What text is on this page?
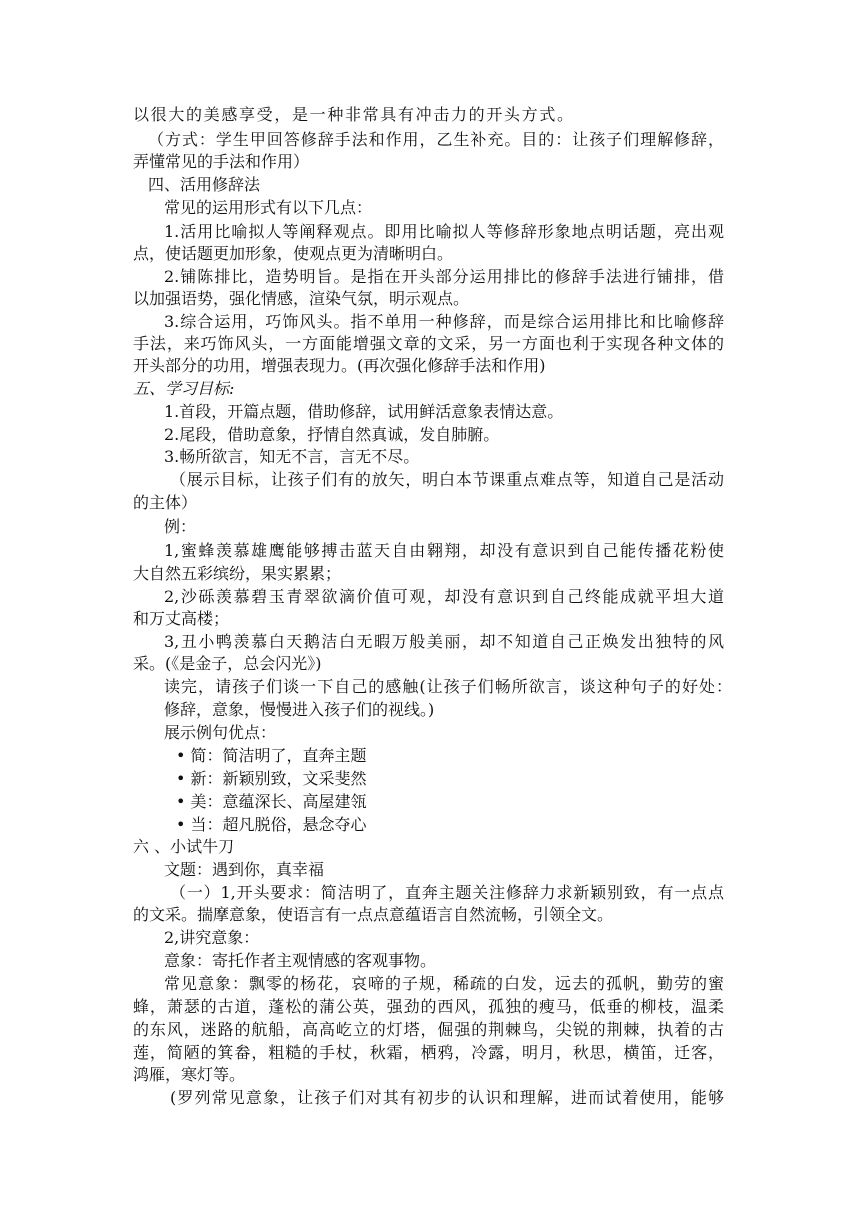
以很大的美感享受，是一种非常具有冲击力的开头方式。
（方式：学生甲回答修辞手法和作用，乙生补充。目的：让孩子们理解修辞，
弄懂常见的手法和作用）
四、活用修辞法
常见的运用形式有以下几点：
1.活用比喻拟人等阐释观点。即用比喻拟人等修辞形象地点明话题，亮出观
点，使话题更加形象，使观点更为清晰明白。
2.铺陈排比，造势明旨。是指在开头部分运用排比的修辞手法进行铺排，借
以加强语势，强化情感，渲染气氛，明示观点。
3.综合运用，巧饰风头。指不单用一种修辞，而是综合运用排比和比喻修辞
手法，来巧饰风头，一方面能增强文章的文采，另一方面也利于实现各种文体的
开头部分的功用，增强表现力。(再次强化修辞手法和作用)
五、学习目标:
1.首段，开篇点题，借助修辞，试用鲜活意象表情达意。
2.尾段，借助意象，抒情自然真诚，发自肺腑。
3.畅所欲言，知无不言，言无不尽。
（展示目标，让孩子们有的放矢，明白本节课重点难点等，知道自己是活动
的主体）
例：
1,蜜蜂羡慕雄鹰能够搏击蓝天自由翱翔，却没有意识到自己能传播花粉使
大自然五彩缤纷，果实累累；
2,沙砾羡慕碧玉青翠欲滴价值可观，却没有意识到自己终能成就平坦大道
和万丈高楼；
3,丑小鸭羡慕白天鹅洁白无暇万般美丽，却不知道自己正焕发出独特的风
采。(《是金子，总会闪光》)
读完，请孩子们谈一下自己的感触(让孩子们畅所欲言，谈这种句子的好处：
修辞，意象，慢慢进入孩子们的视线。)
展示例句优点：
• 简：简洁明了，直奔主题
• 新：新颖别致，文采斐然
• 美：意蕴深长、高屋建瓴
• 当：超凡脱俗，悬念夺心
六 、小试牛刀
文题：遇到你，真幸福
（一）1,开头要求：简洁明了，直奔主题关注修辞力求新颖别致，有一点点
的文采。揣摩意象，使语言有一点点意蕴语言自然流畅，引领全文。
2,讲究意象：
意象：寄托作者主观情感的客观事物。
常见意象：飘零的杨花，哀啼的子规，稀疏的白发，远去的孤帆，勤劳的蜜
蜂，萧瑟的古道，蓬松的蒲公英，强劲的西风，孤独的瘦马，低垂的柳枝，温柔
的东风，迷路的航船，高高屹立的灯塔，倔强的荆棘鸟，尖锐的荆棘，执着的古
莲，简陋的箕畚，粗糙的手杖，秋霜，栖鸦，冷露，明月，秋思，横笛，迁客，
鸿雁，寒灯等。
(罗列常见意象，让孩子们对其有初步的认识和理解，进而试着使用，能够
